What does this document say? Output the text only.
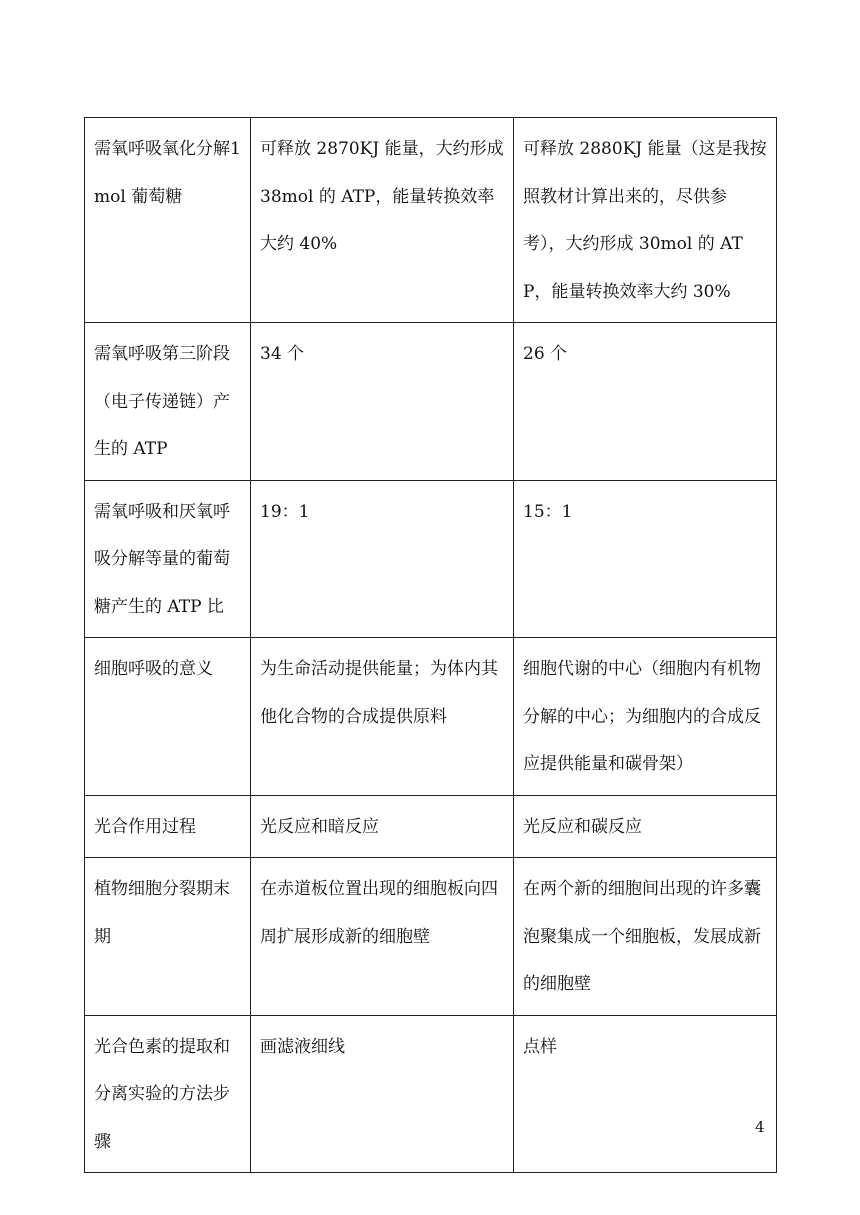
需氧呼吸氧化分解1mol 葡萄糖	可释放 2870KJ 能量，大约形成 38mol 的 ATP，能量转换效率大约 40%	可释放 2880KJ 能量（这是我按照教材计算出来的，尽供参考），大约形成 30mol 的 ATP，能量转换效率大约 30%
需氧呼吸第三阶段（电子传递链）产生的 ATP	34 个	26 个
需氧呼吸和厌氧呼吸分解等量的葡萄糖产生的 ATP 比	19：1	15：1
细胞呼吸的意义	为生命活动提供能量；为体内其他化合物的合成提供原料	细胞代谢的中心（细胞内有机物分解的中心；为细胞内的合成反应提供能量和碳骨架）
光合作用过程	光反应和暗反应	光反应和碳反应
植物细胞分裂期末期	在赤道板位置出现的细胞板向四周扩展形成新的细胞壁	在两个新的细胞间出现的许多囊泡聚集成一个细胞板，发展成新的细胞壁
光合色素的提取和分离实验的方法步骤	画滤液细线	点样
4
